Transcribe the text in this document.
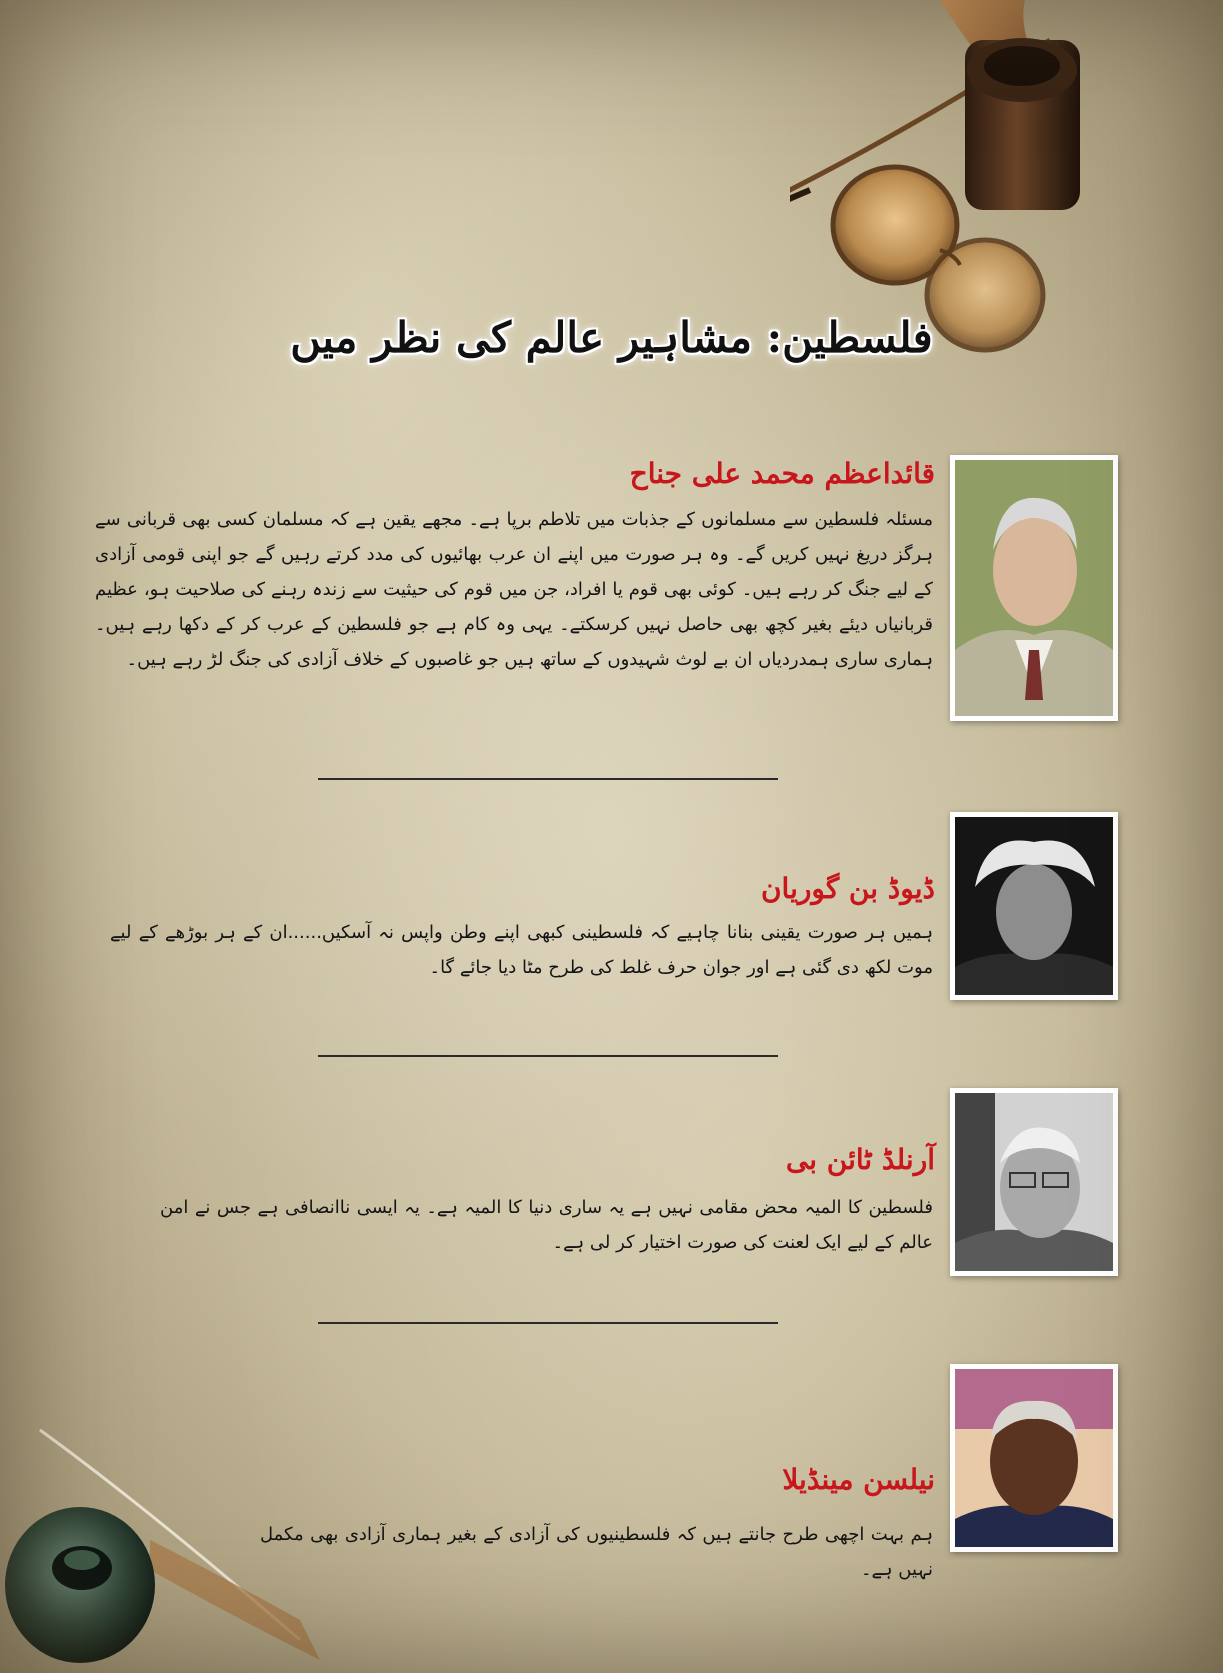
فلسطین: مشاہیر عالم کی نظر میں
قائداعظم محمد علی جناح
مسئلہ فلسطین سے مسلمانوں کے جذبات میں تلاطم برپا ہے۔ مجھے یقین ہے کہ مسلمان کسی بھی قربانی سے ہرگز دریغ نہیں کریں گے۔ وہ ہر صورت میں اپنے ان عرب بھائیوں کی مدد کرتے رہیں گے جو اپنی قومی آزادی کے لیے جنگ کر رہے ہیں۔ کوئی بھی قوم یا افراد، جن میں قوم کی حیثیت سے زندہ رہنے کی صلاحیت ہو، عظیم قربانیاں دیئے بغیر کچھ بھی حاصل نہیں کرسکتے۔ یہی وہ کام ہے جو فلسطین کے عرب کر کے دکھا رہے ہیں۔ ہماری ساری ہمدردیاں ان بے لوث شہیدوں کے ساتھ ہیں جو غاصبوں کے خلاف آزادی کی جنگ لڑ رہے ہیں۔
ڈیوڈ بن گوریان
ہمیں ہر صورت یقینی بنانا چاہیے کہ فلسطینی کبھی اپنے وطن واپس نہ آسکیں......ان کے ہر بوڑھے کے لیے موت لکھ دی گئی ہے اور جوان حرف غلط کی طرح مٹا دیا جائے گا۔
آرنلڈ ٹائن بی
فلسطین کا المیہ محض مقامی نہیں ہے یہ ساری دنیا کا المیہ ہے۔ یہ ایسی ناانصافی ہے جس نے امن عالم کے لیے ایک لعنت کی صورت اختیار کر لی ہے۔
نیلسن مینڈیلا
ہم بہت اچھی طرح جانتے ہیں کہ فلسطینیوں کی آزادی کے بغیر ہماری آزادی بھی مکمل نہیں ہے۔
